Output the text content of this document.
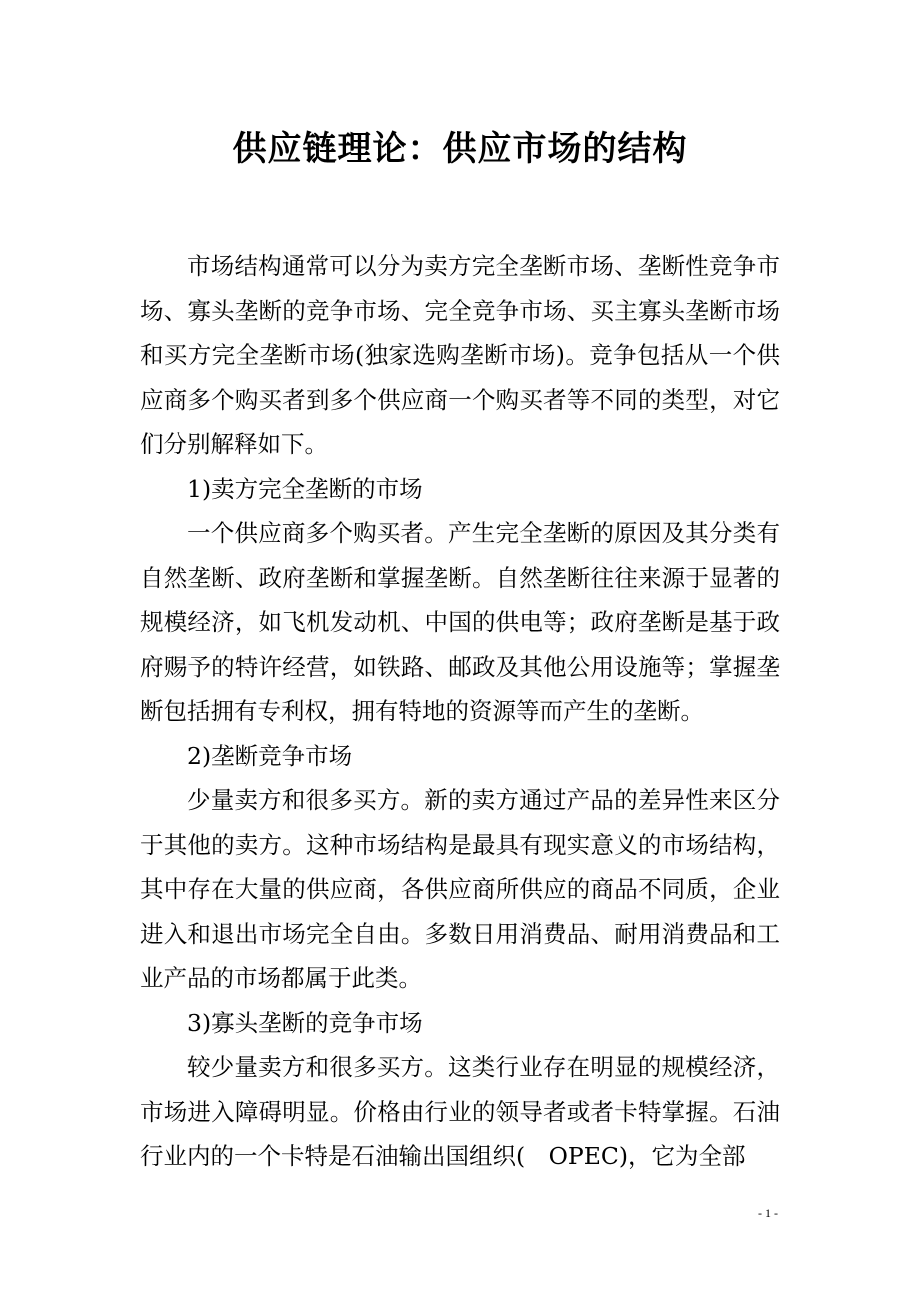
供应链理论：供应市场的结构

市场结构通常可以分为卖方完全垄断市场、垄断性竞争市场、寡头垄断的竞争市场、完全竞争市场、买主寡头垄断市场和买方完全垄断市场(独家选购垄断市场)。竞争包括从一个供应商多个购买者到多个供应商一个购买者等不同的类型，对它们分别解释如下。

1)卖方完全垄断的市场

一个供应商多个购买者。产生完全垄断的原因及其分类有自然垄断、政府垄断和掌握垄断。自然垄断往往来源于显著的规模经济，如飞机发动机、中国的供电等；政府垄断是基于政府赐予的特许经营，如铁路、邮政及其他公用设施等；掌握垄断包括拥有专利权，拥有特地的资源等而产生的垄断。

2)垄断竞争市场

少量卖方和很多买方。新的卖方通过产品的差异性来区分于其他的卖方。这种市场结构是最具有现实意义的市场结构，其中存在大量的供应商，各供应商所供应的商品不同质，企业进入和退出市场完全自由。多数日用消费品、耐用消费品和工业产品的市场都属于此类。

3)寡头垄断的竞争市场

较少量卖方和很多买方。这类行业存在明显的规模经济，市场进入障碍明显。价格由行业的领导者或者卡特掌握。石油行业内的一个卡特是石油输出国组织(　OPEC)，它为全部

- 1 -
